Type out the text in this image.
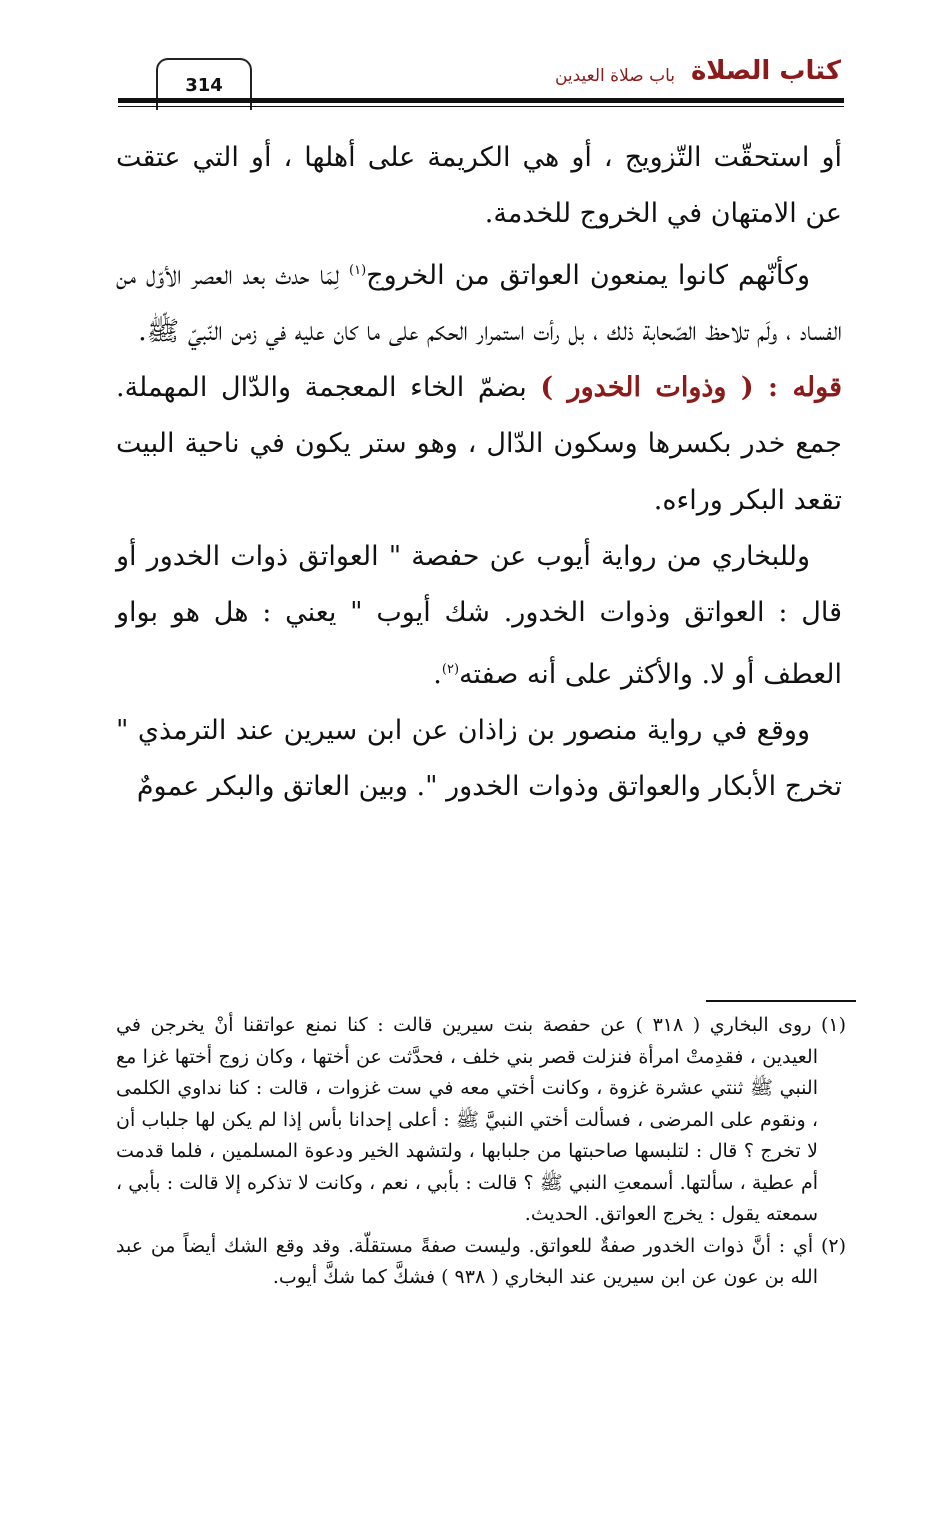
314	كتاب الصلاة
باب صلاة العيدين

أو استحقّت التّزويج ، أو هي الكريمة على أهلها ، أو التي عتقت عن الامتهان في الخروج للخدمة.

وكأنّهم كانوا يمنعون العواتق من الخروج$^{(١)}$ لِمَا حدث بعد العصر الأوّل من الفساد ، ولَم تلاحظ الصّحابة ذلك ، بل رأت استمرار الحكم على ما كان عليه في زمن النّبيّ ﷺ.

قوله : ( وذوات الخدور ) بضمّ الخاء المعجمة والدّال المهملة. جمع خدر بكسرها وسكون الدّال ، وهو ستر يكون في ناحية البيت تقعد البكر وراءه.

وللبخاري من رواية أيوب عن حفصة " العواتق ذوات الخدور أو قال : العواتق وذوات الخدور. شك أيوب " يعني : هل هو بواو العطف أو لا. والأكثر على أنه صفته$^{(٢)}$.

ووقع في رواية منصور بن زاذان عن ابن سيرين عند الترمذي " تخرج الأبكار والعواتق وذوات الخدور ". وبين العاتق والبكر عمومٌ

(١) روى البخاري ( ٣١٨ ) عن حفصة بنت سيرين قالت : كنا نمنع عواتقنا أنْ يخرجن في العيدين ، فقدِمتْ امرأة فنزلت قصر بني خلف ، فحدَّثت عن أختها ، وكان زوج أختها غزا مع النبي ﷺ ثنتي عشرة غزوة ، وكانت أختي معه في ست غزوات ، قالت : كنا نداوي الكلمى ، ونقوم على المرضى ، فسألت أختي النبيَّ ﷺ : أعلى إحدانا بأس إذا لم يكن لها جلباب أن لا تخرج ؟ قال : لتلبسها صاحبتها من جلبابها ، ولتشهد الخير ودعوة المسلمين ، فلما قدمت أم عطية ، سألتها. أسمعتِ النبي ﷺ ؟ قالت : بأبي ، نعم ، وكانت لا تذكره إلا قالت : بأبي ، سمعته يقول : يخرج العواتق. الحديث.

(٢) أي : أنَّ ذوات الخدور صفةٌ للعواتق. وليست صفةً مستقلّة. وقد وقع الشك أيضاً من عبد الله بن عون عن ابن سيرين عند البخاري ( ٩٣٨ ) فشكَّ كما شكَّ أيوب.
